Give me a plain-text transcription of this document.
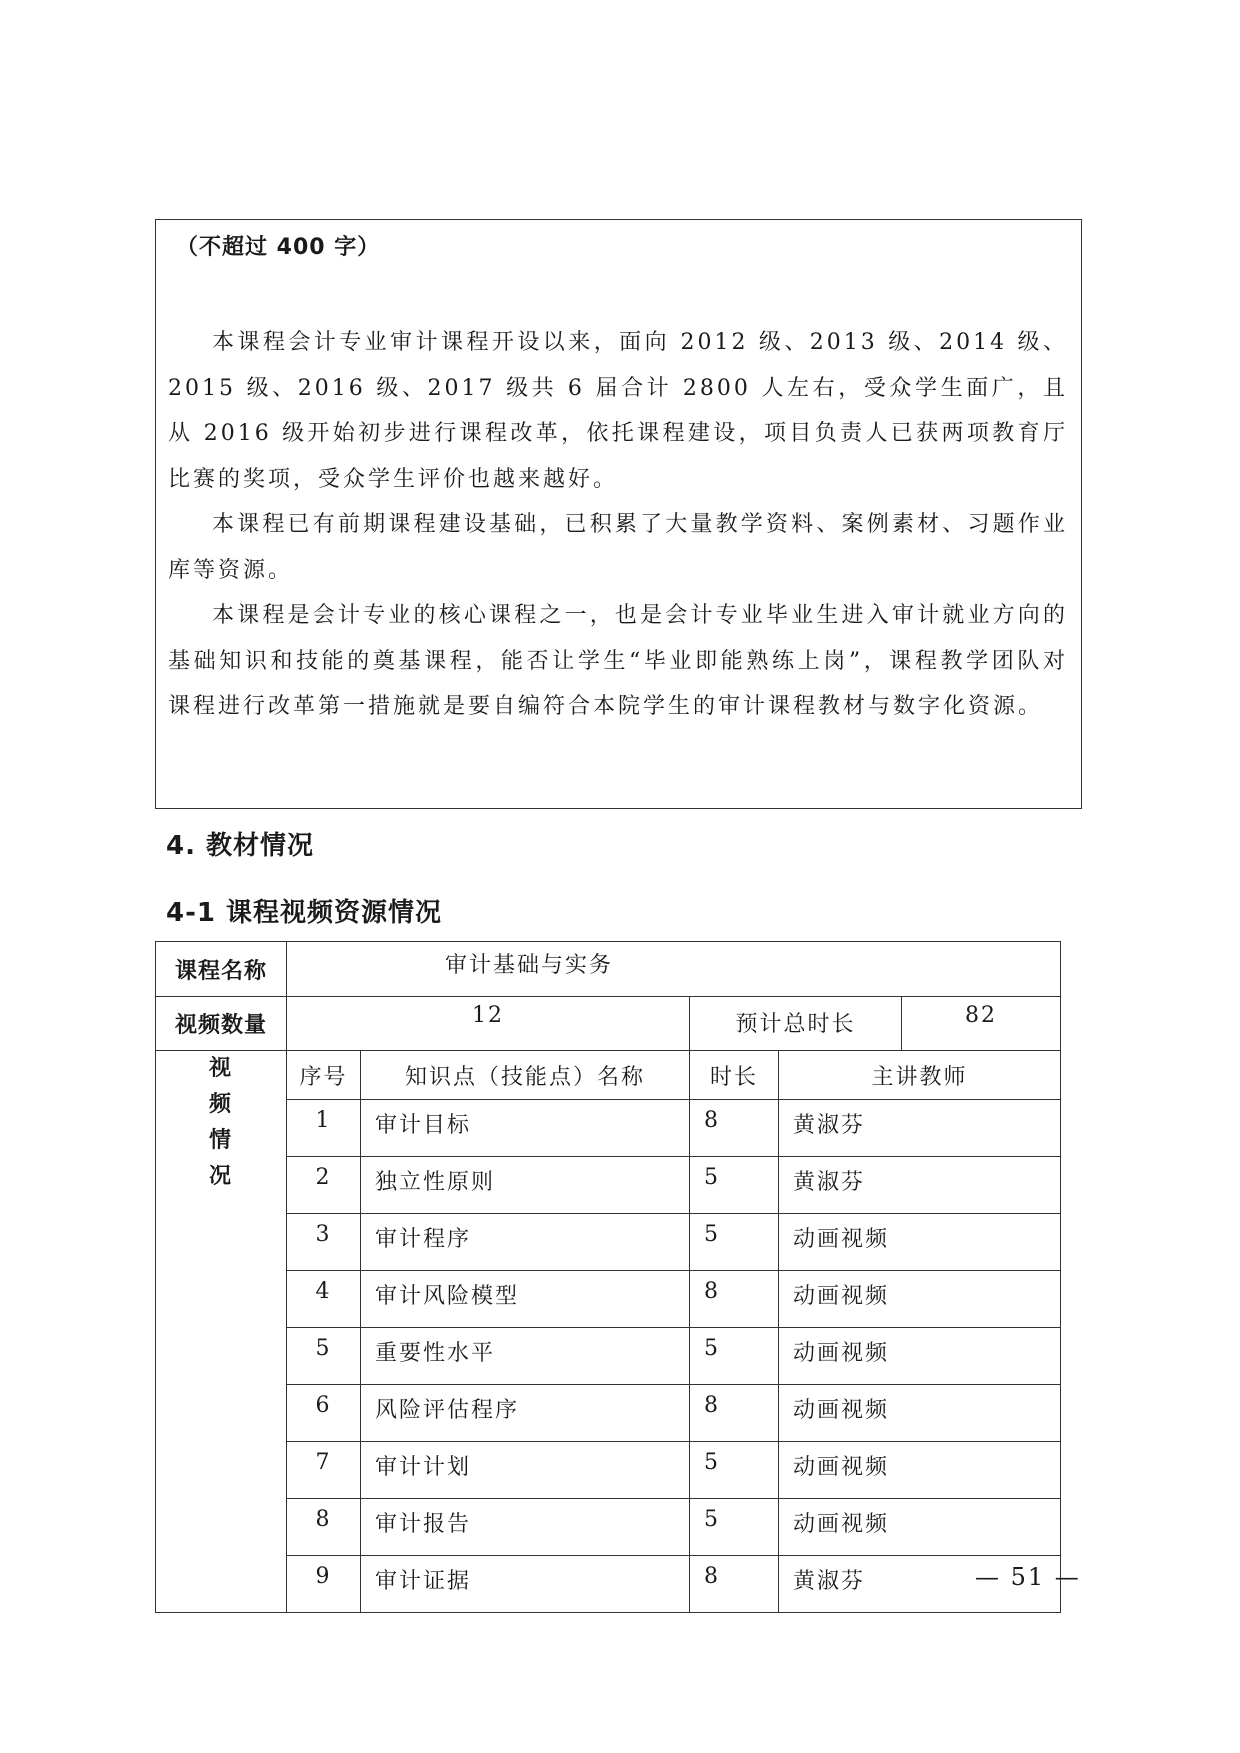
（不超过 400 字）

本课程会计专业审计课程开设以来，面向 2012 级、2013 级、2014 级、2015 级、2016 级、2017 级共 6 届合计 2800 人左右，受众学生面广，且从 2016 级开始初步进行课程改革，依托课程建设，项目负责人已获两项教育厅比赛的奖项，受众学生评价也越来越好。

本课程已有前期课程建设基础，已积累了大量教学资料、案例素材、习题作业库等资源。

本课程是会计专业的核心课程之一，也是会计专业毕业生进入审计就业方向的基础知识和技能的奠基课程，能否让学生“毕业即能熟练上岗”，课程教学团队对课程进行改革第一措施就是要自编符合本院学生的审计课程教材与数字化资源。

4. 教材情况
4-1 课程视频资源情况
课程名称	审计基础与实务			
视频数量	12		预计总时长 82	

视频情况	序号	知识点（技能点）名称	时长	主讲教师
	1	审计目标	8	黄淑芬
	2	独立性原则	5	黄淑芬
	3	审计程序	5	动画视频
	4	审计风险模型	8	动画视频
	5	重要性水平	5	动画视频
	6	风险评估程序	8	动画视频
	7	审计计划	5	动画视频
	8	审计报告	5	动画视频
	9	审计证据	8	黄淑芬	— 51 —
